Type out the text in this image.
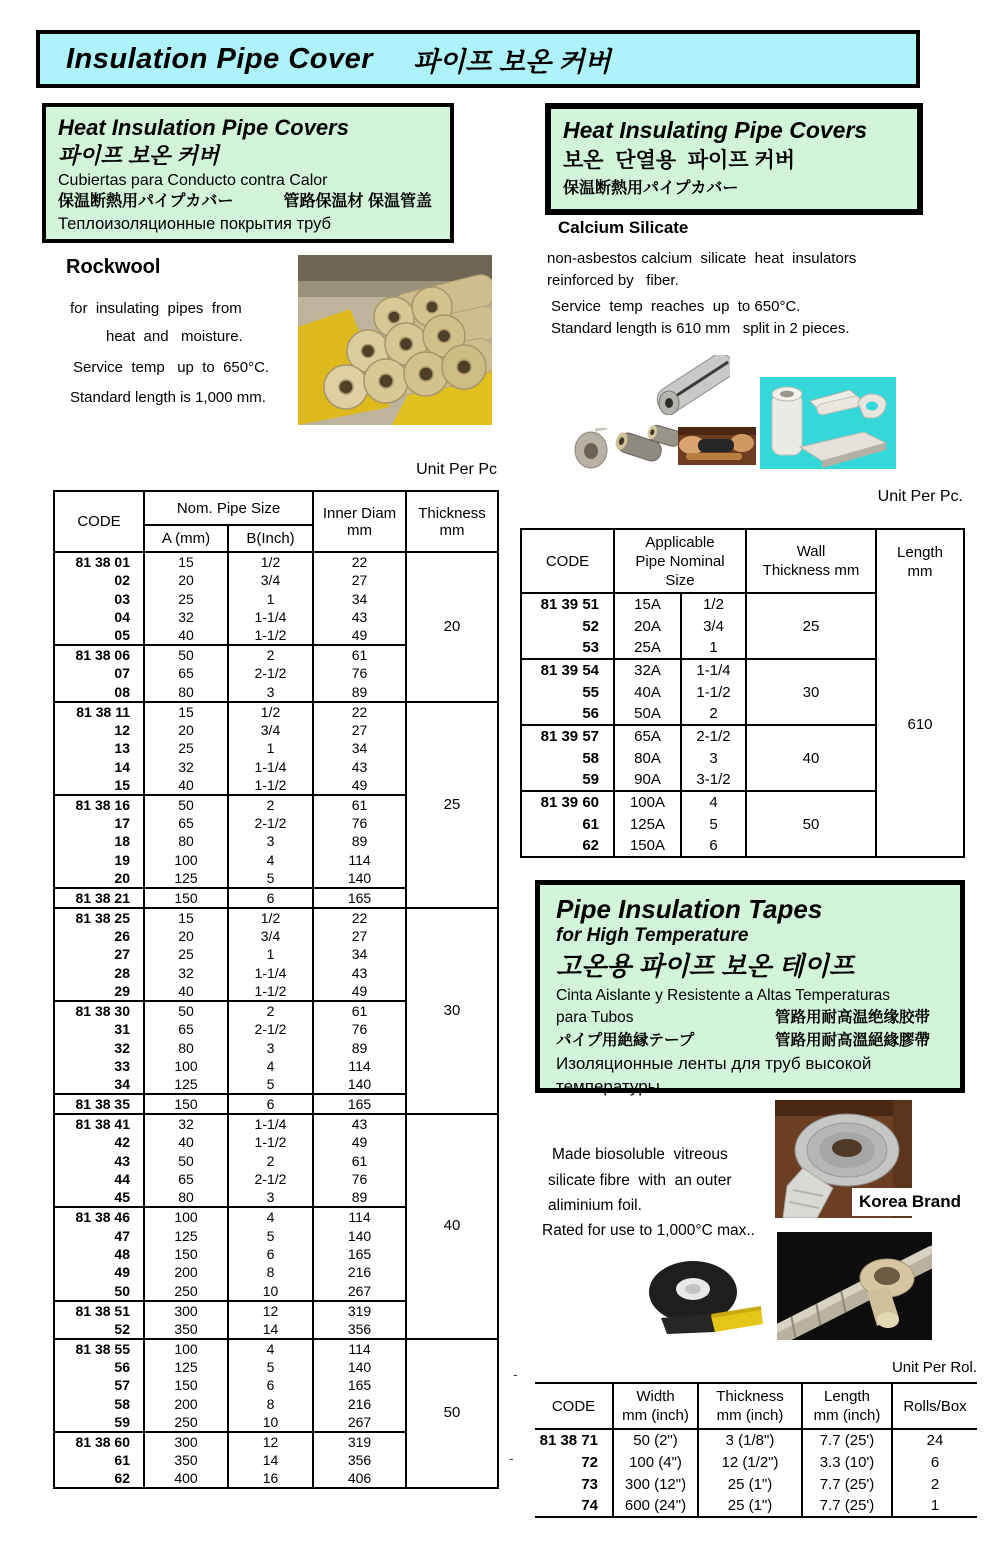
Insulation Pipe Cover 파이프 보온 커버
Heat Insulation Pipe Covers
파이프 보온 커버
Cubiertas para Conducto contra Calor
保温断熱用パイプカバー	管路保温材 保温管盖
Теплоизоляционные покрытия труб
Heat Insulating Pipe Covers
보온  단열용  파이프 커버
保温断熱用パイプカバー
Rockwool
for  insulating  pipes  from
heat  and   moisture.
Service  temp   up  to  650°C.
Standard length is 1,000 mm.
Calcium Silicate
non-asbestos calcium  silicate  heat  insulators
reinforced by   fiber.
Service  temp  reaches  up  to 650°C.
Standard length is 610 mm   split in 2 pieces.
Unit Per Pc
Unit Per Pc.
CODE	Nom. Pipe Size	Inner Diam
mm

Thickness
mm

	A (mm)	B(Inch)		
81 38 01	15	1/2	22	20
02	20	3/4	27	
03	25	1	34	
04	32	1-1/4	43	
05	40	1-1/2	49	
81 38 06	50	2	61	
07	65	2-1/2	76	
08	80	3	89	
81 38 11	15	1/2	22	25
12	20	3/4	27	
13	25	1	34	
14	32	1-1/4	43	
15	40	1-1/2	49	
81 38 16	50	2	61	
17	65	2-1/2	76	
18	80	3	89	
19	100	4	114	
20	125	5	140	
81 38 21	150	6	165	
81 38 25	15	1/2	22	30
26	20	3/4	27	
27	25	1	34	
28	32	1-1/4	43	
29	40	1-1/2	49	
81 38 30	50	2	61	
31	65	2-1/2	76	
32	80	3	89	
33	100	4	114	
34	125	5	140	
81 38 35	150	6	165	
81 38 41	32	1-1/4	43	40
42	40	1-1/2	49	
43	50	2	61	
44	65	2-1/2	76	
45	80	3	89	
81 38 46	100	4	114	
47	125	5	140	
48	150	6	165	
49	200	8	216	
50	250	10	267	
81 38 51	300	12	319	
52	350	14	356	
81 38 55	100	4	114	50
56	125	5	140	
57	150	6	165	
58	200	8	216	
59	250	10	267	
81 38 60	300	12	319	
61	350	14	356	
62	400	16	406	
CODE	
Applicable
Pipe Nominal
Size

Wall
Thickness mm

Length
mm

81 39 51	15A	1/2	25	610
52	20A	3/4		
53	25A	1		
81 39 54	32A	1-1/4	30	
55	40A	1-1/2		
56	50A	2		
81 39 57	65A	2-1/2	40	
58	80A	3		
59	90A	3-1/2		
81 39 60	100A	4	50	
61	125A	5		
62	150A	6		
Pipe Insulation Tapes
for High Temperature
고온용 파이프 보온 테이프
Cinta Aislante y Resistente a Altas Temperaturas
para Tubos	管路用耐高温绝缘胶带
パイプ用絶縁テープ	管路用耐高溫絕緣膠帶
Изоляционные ленты для труб высокой
температуры
Made biosoluble  vitreous
silicate fibre  with  an outer
aliminium foil.
Rated for use to 1,000°C max..
Korea Brand
Unit Per Rol.
CODE	
Width
mm (inch)

Thickness
mm (inch)

Length
mm (inch)
	Rolls/Box
81 38 71	50 (2")	3 (1/8")	7.7 (25')	24
72	100 (4")	12 (1/2")	3.3 (10')	6
73	300 (12")	25 (1")	7.7 (25')	2
74	600 (24")	25 (1")	7.7 (25')	1
-
-
